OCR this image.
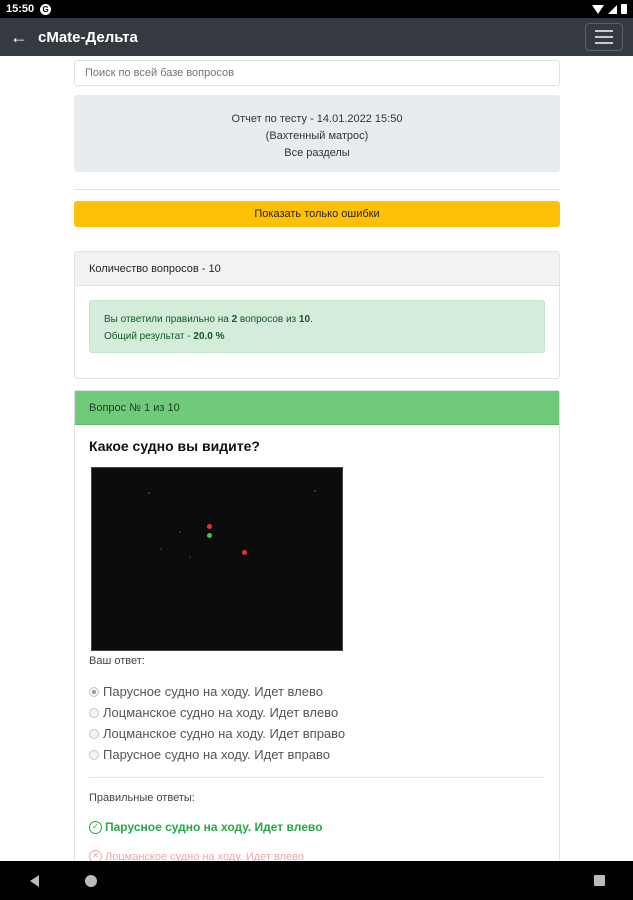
15:50 G
← cMate-Дельта
Поиск по всей базе вопросов
Отчет по тесту - 14.01.2022 15:50
(Вахтенный матрос)
Все разделы
Показать только ошибки
Количество вопросов - 10
Вы ответили правильно на 2 вопросов из 10.
Общий результат - 20.0 %
Вопрос № 1 из 10
Какое судно вы видите?
Ваш ответ:
Парусное судно на ходу. Идет влево
Лоцманское судно на ходу. Идет влево
Лоцманское судно на ходу. Идет вправо
Парусное судно на ходу. Идет вправо
Правильные ответы:
✓ Парусное судно на ходу. Идет влево
✕ Лоцманское судно на ходу. Идет влево
